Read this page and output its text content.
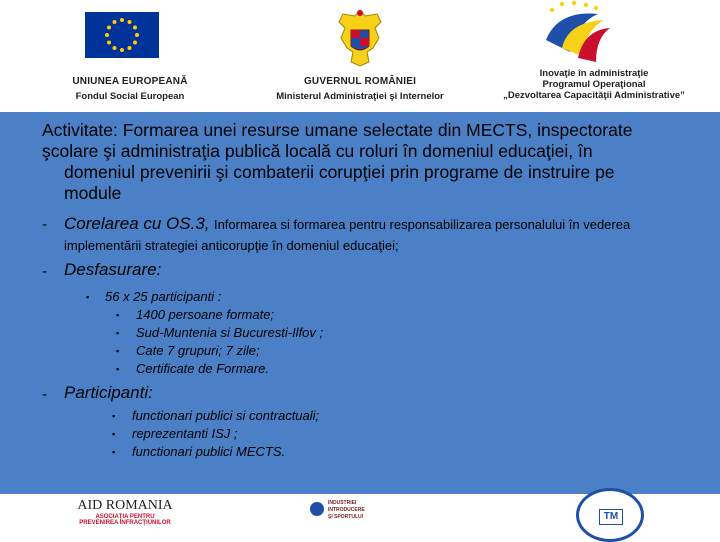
UNIUNEA EUROPEANĂ
Fondul Social European
GUVERNUL ROMÂNIEI
Ministerul Administraţiei şi Internelor
Inovaţie în administraţie
Programul Operaţional
„Dezvoltarea Capacităţii Administrative”
Activitate: Formarea unei resurse umane selectate din MECTS, inspectorate
şcolare şi administraţia publică locală cu roluri în domeniul educaţiei, în
domeniul prevenirii şi combaterii corupţiei prin programe de instruire pe
module
- Corelarea cu OS.3, Informarea si formarea pentru responsabilizarea personalului în vederea
implementării strategiei anticorupţie în domeniul educaţiei;
- Desfasurare:
▪ 56 x 25 participanti :
▪ 1400 persoane formate;
▪ Sud-Muntenia si Bucuresti-Ilfov ;
▪ Cate 7 grupuri; 7 zile;
▪ Certificate de Formare.
- Participanti:
▪ functionari publici si contractuali;
▪ reprezentanti ISJ ;
▪ functionari publici MECTS.
AID ROMANIA
ASOCIAŢIA PENTRU
PREVENIREA INFRACŢIUNILOR
INDUSTRIEI
INTRODUCERE
ŞI SPORTULUI	TM
